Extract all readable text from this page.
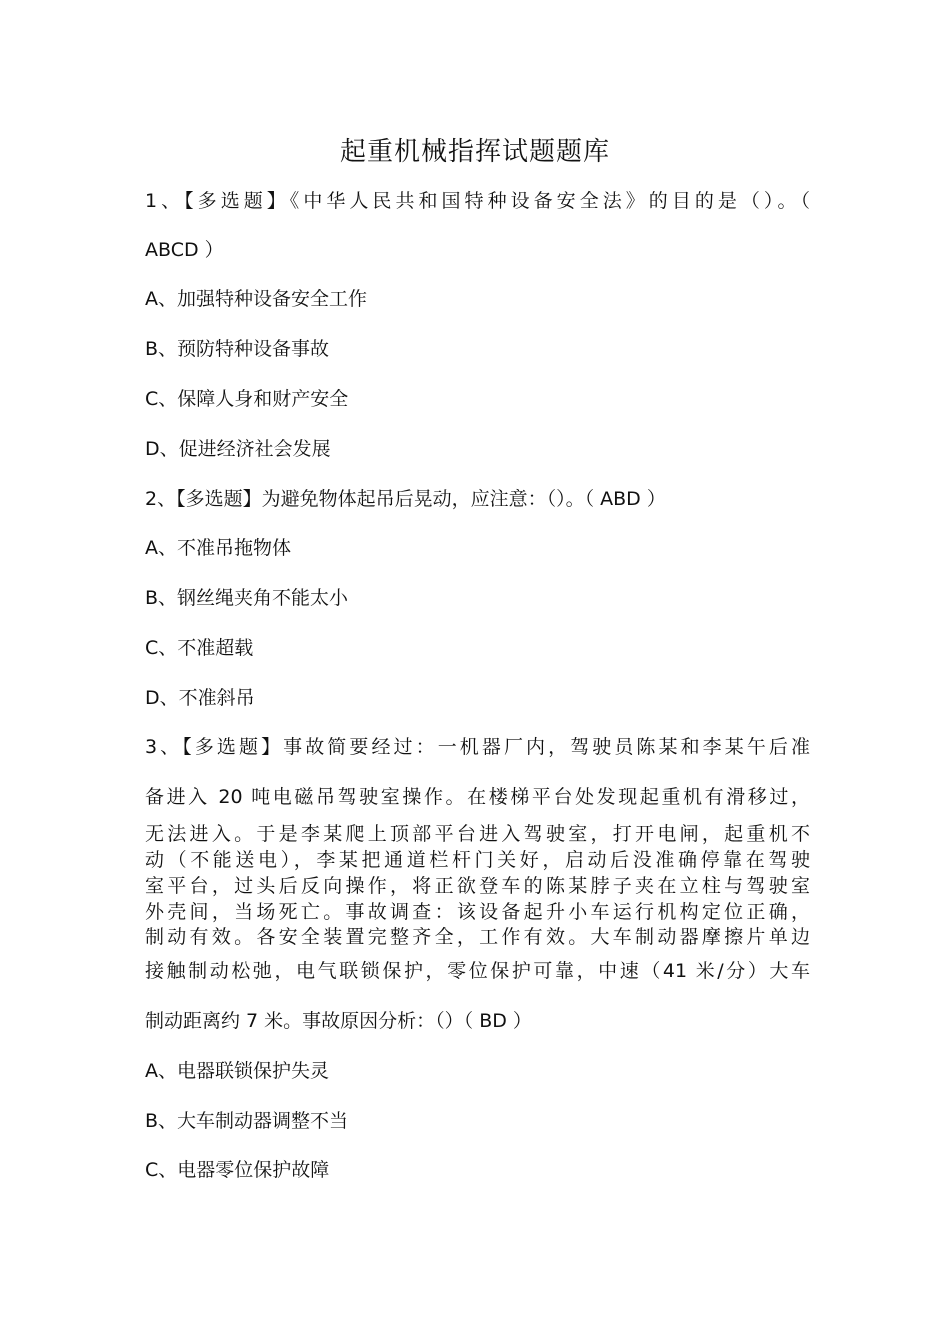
起重机械指挥试题题库
1、【多选题】《中华人民共和国特种设备安全法》的目的是（）。（
ABCD ）
A、加强特种设备安全工作
B、预防特种设备事故
C、保障人身和财产安全
D、促进经济社会发展
2、【多选题】为避免物体起吊后晃动，应注意：（）。（ ABD ）
A、不准吊拖物体
B、钢丝绳夹角不能太小
C、不准超载
D、不准斜吊
3、【多选题】事故简要经过：一机器厂内，驾驶员陈某和李某午后准
备进入 20 吨电磁吊驾驶室操作。在楼梯平台处发现起重机有滑移过，
无法进入。于是李某爬上顶部平台进入驾驶室，打开电闸，起重机不
动（不能送电），李某把通道栏杆门关好，启动后没准确停靠在驾驶
室平台，过头后反向操作，将正欲登车的陈某脖子夹在立柱与驾驶室
外壳间，当场死亡。事故调查：该设备起升小车运行机构定位正确，
制动有效。各安全装置完整齐全，工作有效。大车制动器摩擦片单边
接触制动松弛，电气联锁保护，零位保护可靠，中速（41 米/分）大车
制动距离约 7 米。事故原因分析：（）（ BD ）
A、电器联锁保护失灵
B、大车制动器调整不当
C、电器零位保护故障
